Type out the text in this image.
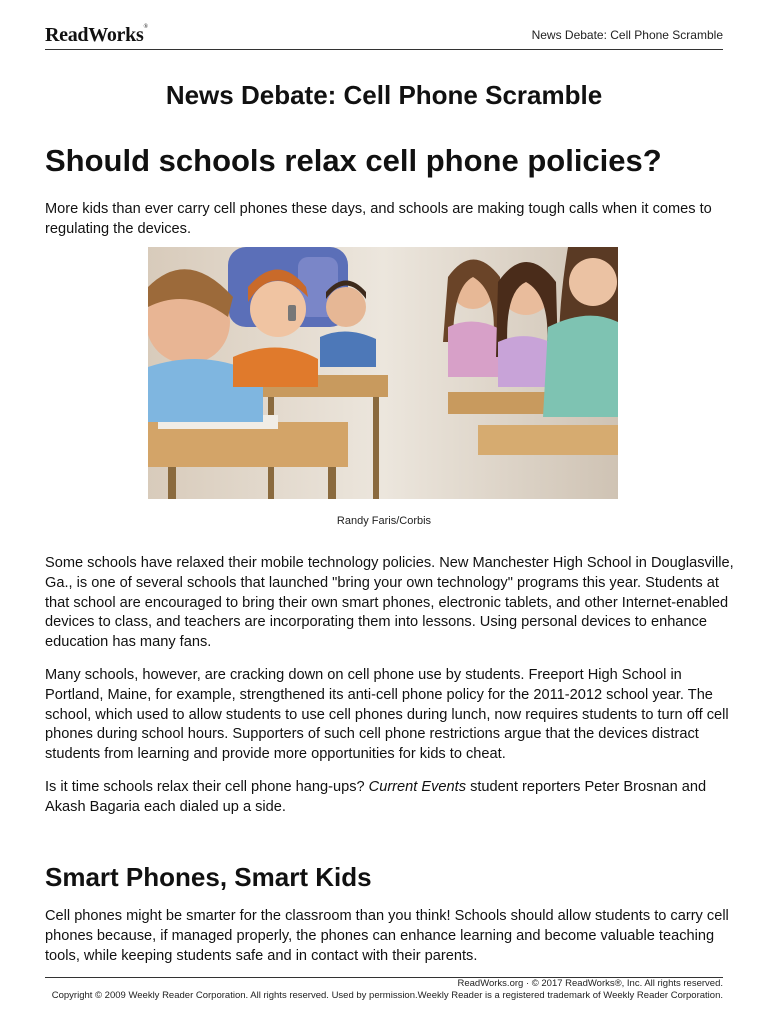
ReadWorks®
News Debate: Cell Phone Scramble
News Debate: Cell Phone Scramble
Should schools relax cell phone policies?

More kids than ever carry cell phones these days, and schools are making tough calls when it comes to regulating the devices.

Randy Faris/Corbis

Some schools have relaxed their mobile technology policies. New Manchester High School in Douglasville, Ga., is one of several schools that launched "bring your own technology" programs this year. Students at that school are encouraged to bring their own smart phones, electronic tablets, and other Internet-enabled devices to class, and teachers are incorporating them into lessons. Using personal devices to enhance education has many fans.

Many schools, however, are cracking down on cell phone use by students. Freeport High School in Portland, Maine, for example, strengthened its anti-cell phone policy for the 2011-2012 school year. The school, which used to allow students to use cell phones during lunch, now requires students to turn off cell phones during school hours. Supporters of such cell phone restrictions argue that the devices distract students from learning and provide more opportunities for kids to cheat.

Is it time schools relax their cell phone hang-ups? Current Events student reporters Peter Brosnan and Akash Bagaria each dialed up a side.

Smart Phones, Smart Kids

Cell phones might be smarter for the classroom than you think! Schools should allow students to carry cell phones because, if managed properly, the phones can enhance learning and become valuable teaching tools, while keeping students safe and in contact with their parents.

ReadWorks.org · © 2017 ReadWorks®, Inc. All rights reserved.
Copyright © 2009 Weekly Reader Corporation. All rights reserved. Used by permission.Weekly Reader is a registered trademark of Weekly Reader Corporation.
